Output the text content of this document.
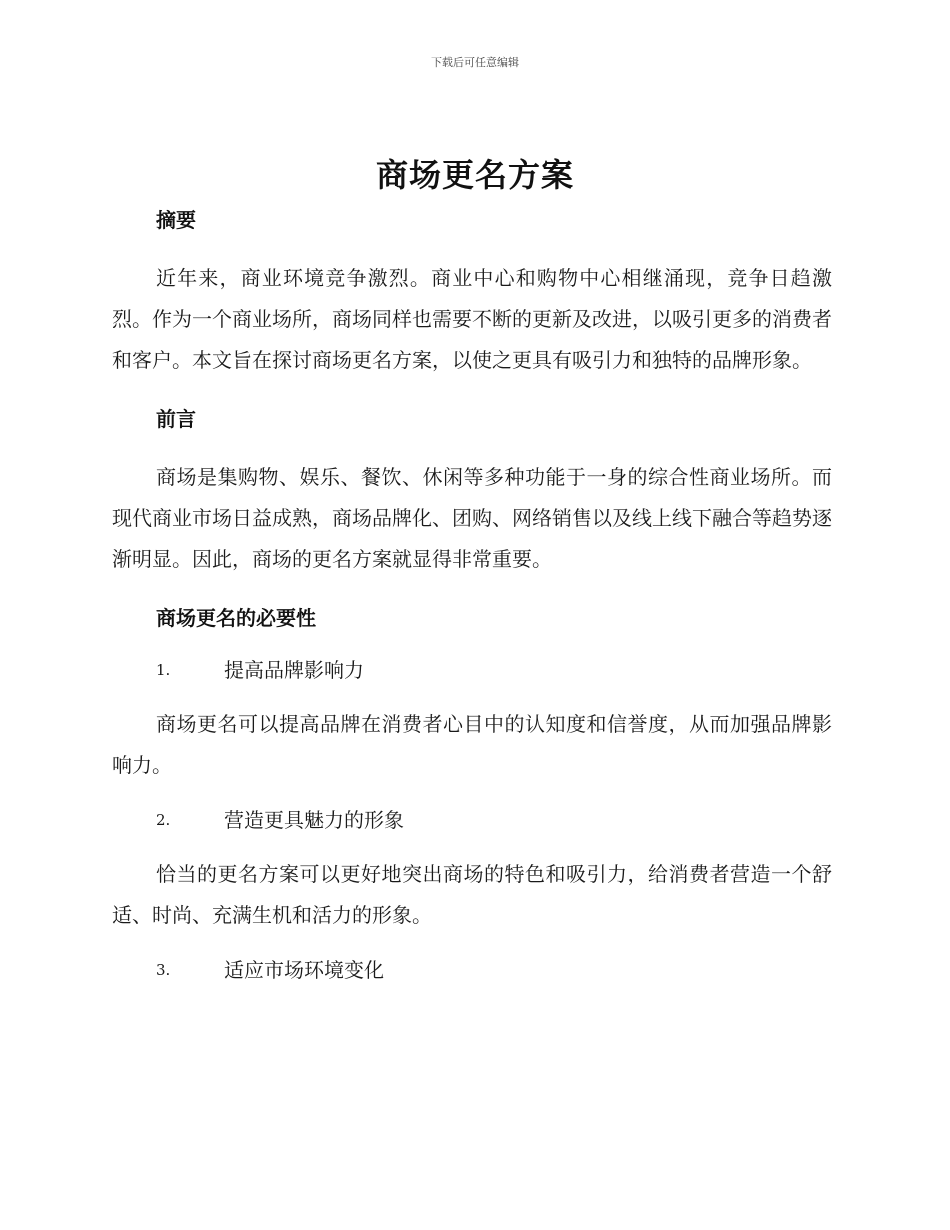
下载后可任意编辑
商场更名方案

摘要

近年来，商业环境竞争激烈。商业中心和购物中心相继涌现，竞争日趋激烈。作为一个商业场所，商场同样也需要不断的更新及改进，以吸引更多的消费者和客户。本文旨在探讨商场更名方案，以使之更具有吸引力和独特的品牌形象。

前言

商场是集购物、娱乐、餐饮、休闲等多种功能于一身的综合性商业场所。而现代商业市场日益成熟，商场品牌化、团购、网络销售以及线上线下融合等趋势逐渐明显。因此，商场的更名方案就显得非常重要。

商场更名的必要性

1.	提高品牌影响力

商场更名可以提高品牌在消费者心目中的认知度和信誉度，从而加强品牌影响力。

2.	营造更具魅力的形象

恰当的更名方案可以更好地突出商场的特色和吸引力，给消费者营造一个舒适、时尚、充满生机和活力的形象。

3.	适应市场环境变化
